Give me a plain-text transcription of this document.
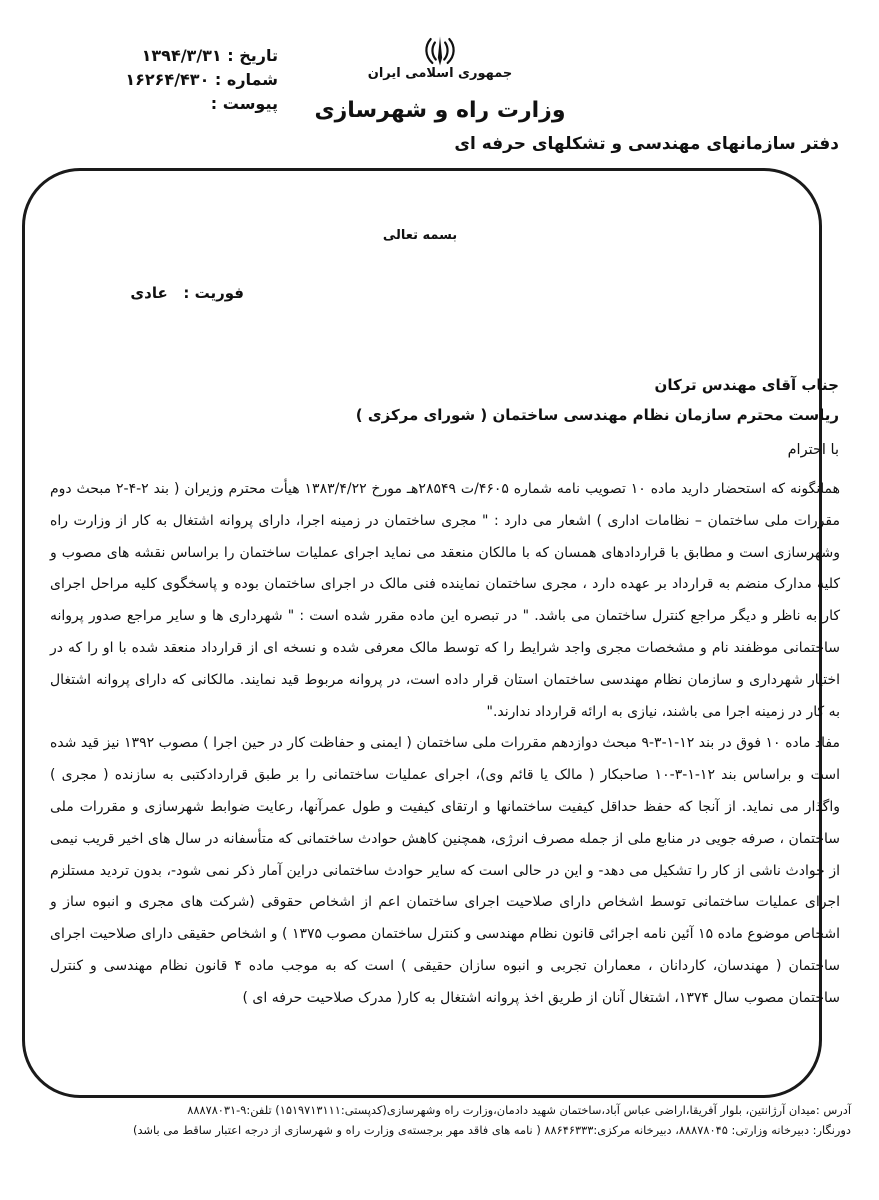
تاریخ : ۱۳۹۴/۳/۳۱
شماره : ۱۶۲۶۴/۴۳۰
پیوست :
جمهوری اسلامی ایران
وزارت راه و شهرسازی
دفتر سازمانهای مهندسی و تشکلهای حرفه ای
بسمه تعالی
فوریت :   عادی
جناب آقای مهندس ترکان
ریاست محترم سازمان نظام مهندسی ساختمان ( شورای مرکزی )
با احترام

همانگونه که استحضار دارید ماده ۱۰ تصویب نامه شماره ۴۶۰۵/ت ۲۸۵۴۹هـ مورخ ۱۳۸۳/۴/۲۲ هیأت محترم وزیران ( بند ۲-۴-۲ مبحث دوم مقررات ملی ساختمان – نظامات اداری ) اشعار می دارد : " مجری ساختمان در زمینه اجرا، دارای پروانه اشتغال به کار از وزارت راه وشهرسازی است و مطابق با قراردادهای همسان که با مالکان منعقد می نماید اجرای عملیات ساختمان را براساس نقشه های مصوب و کلیه مدارک منضم به قرارداد بر عهده دارد ، مجری ساختمان نماینده فنی مالک در اجرای ساختمان بوده و پاسخگوی کلیه مراحل اجرای کار به ناظر و دیگر مراجع کنترل ساختمان می باشد. " در تبصره این ماده مقرر شده است : " شهرداری ها و سایر مراجع صدور پروانه ساختمانی موظفند نام و مشخصات مجری واجد شرایط را که توسط مالک معرفی شده و نسخه ای از قرارداد منعقد شده با او را که در اختیار شهرداری و سازمان نظام مهندسی ساختمان استان قرار داده است، در پروانه مربوط قید نمایند. مالکانی که دارای پروانه اشتغال به کار در زمینه اجرا می باشند، نیازی به ارائه قرارداد ندارند."

مفاد ماده ۱۰ فوق در بند ۱۲-۱-۳-۹ مبحث دوازدهم مقررات ملی ساختمان ( ایمنی و حفاظت کار در حین اجرا ) مصوب ۱۳۹۲ نیز قید شده است و براساس بند ۱۲-۱-۳-۱۰ صاحبکار ( مالک یا قائم وی)، اجرای عملیات ساختمانی را بر طبق قراردادکتبی به سازنده ( مجری ) واگذار می نماید. از آنجا که حفظ حداقل کیفیت ساختمانها و ارتقای کیفیت و طول عمرآنها، رعایت ضوابط شهرسازی و مقررات ملی ساختمان ، صرفه جویی در منابع ملی از جمله مصرف انرژی، همچنین کاهش حوادث ساختمانی که متأسفانه در سال های اخیر قریب نیمی از حوادث ناشی از کار را تشکیل می دهد- و این در حالی است که سایر حوادث ساختمانی دراین آمار ذکر نمی شود-، بدون تردید مستلزم اجرای عملیات ساختمانی توسط اشخاص دارای صلاحیت اجرای ساختمان اعم از اشخاص حقوقی (شرکت های مجری و انبوه ساز و اشخاص موضوع ماده ۱۵ آئین نامه اجرائی قانون نظام مهندسی و کنترل ساختمان مصوب ۱۳۷۵ ) و اشخاص حقیقی دارای صلاحیت اجرای ساختمان ( مهندسان، کاردانان ، معماران تجربی و انبوه سازان حقیقی ) است که به موجب ماده ۴ قانون نظام مهندسی و کنترل ساختمان مصوب سال ۱۳۷۴، اشتغال آنان از طریق اخذ پروانه اشتغال به کار( مدرک صلاحیت حرفه ای )

آدرس :میدان آرژانتین، بلوار آفریقا،اراضی عباس آباد،ساختمان شهید دادمان،وزارت راه وشهرسازی(کدپستی:۱۵۱۹۷۱۳۱۱۱) تلفن:۹-۸۸۸۷۸۰۳۱
دورنگار: دبیرخانه وزارتی: ۸۸۸۷۸۰۴۵، دبیرخانه مرکزی:۸۸۶۴۶۳۳۳ ( نامه های فاقد مهر برجسته‌ی وزارت راه و شهرسازی از درجه اعتبار ساقط می باشد)
